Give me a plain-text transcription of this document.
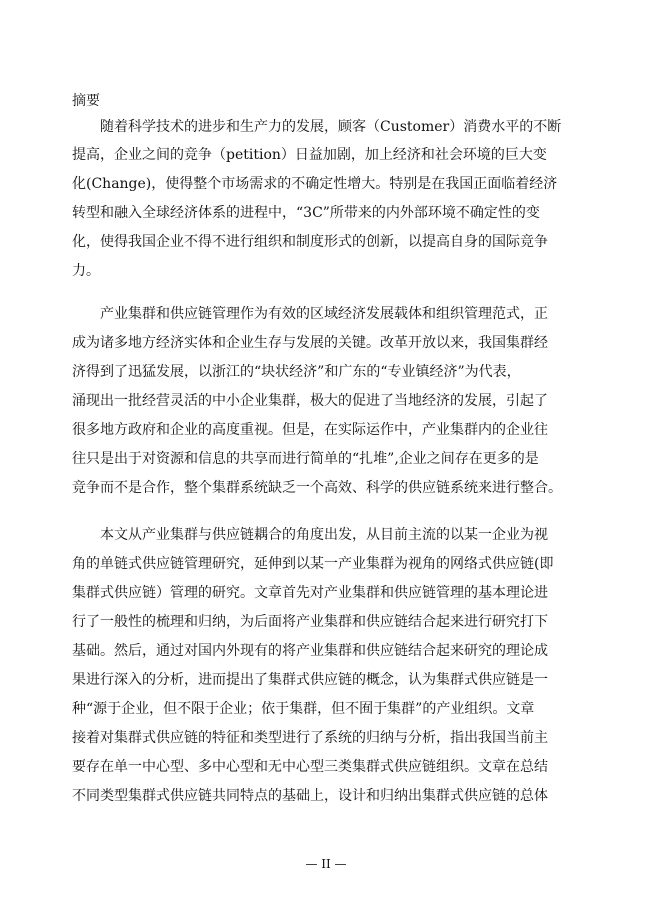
摘要
随着科学技术的进步和生产力的发展，顾客（Customer）消费水平的不断
提高，企业之间的竞争（petition）日益加剧，加上经济和社会环境的巨大变
化(Change)，使得整个市场需求的不确定性增大。特别是在我国正面临着经济
转型和融入全球经济体系的进程中，“3C”所带来的内外部环境不确定性的变
化，使得我国企业不得不进行组织和制度形式的创新，以提高自身的国际竞争
力。
产业集群和供应链管理作为有效的区域经济发展载体和组织管理范式，正
成为诸多地方经济实体和企业生存与发展的关键。改革开放以来，我国集群经
济得到了迅猛发展，以浙江的“块状经济”和广东的“专业镇经济”为代表，
涌现出一批经营灵活的中小企业集群，极大的促进了当地经济的发展，引起了
很多地方政府和企业的高度重视。但是，在实际运作中，产业集群内的企业往
往只是出于对资源和信息的共享而进行简单的“扎堆”,企业之间存在更多的是
竞争而不是合作，整个集群系统缺乏一个高效、科学的供应链系统来进行整合。
本文从产业集群与供应链耦合的角度出发，从目前主流的以某一企业为视
角的单链式供应链管理研究，延伸到以某一产业集群为视角的网络式供应链(即
集群式供应链）管理的研究。文章首先对产业集群和供应链管理的基本理论进
行了一般性的梳理和归纳，为后面将产业集群和供应链结合起来进行研究打下
基础。然后，通过对国内外现有的将产业集群和供应链结合起来研究的理论成
果进行深入的分析，进而提出了集群式供应链的概念，认为集群式供应链是一
种“源于企业，但不限于企业；依于集群，但不囿于集群”的产业组织。文章
接着对集群式供应链的特征和类型进行了系统的归纳与分析，指出我国当前主
要存在单一中心型、多中心型和无中心型三类集群式供应链组织。文章在总结
不同类型集群式供应链共同特点的基础上，设计和归纳出集群式供应链的总体
— II —
